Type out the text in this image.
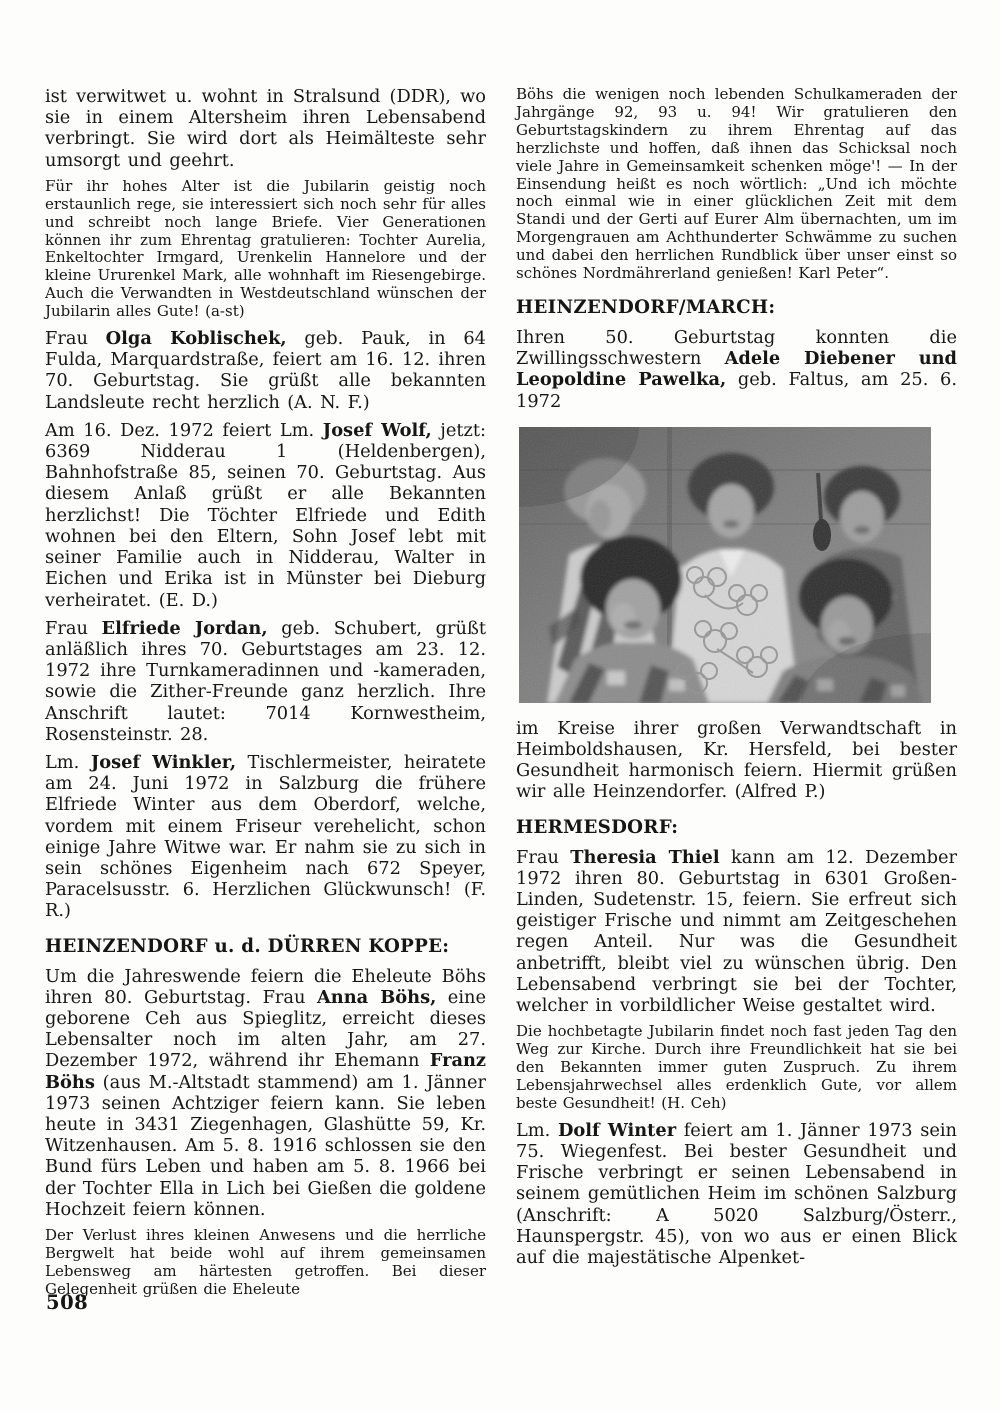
ist verwitwet u. wohnt in Stralsund (DDR), wo sie in einem Altersheim ihren Lebensabend verbringt. Sie wird dort als Heimälteste sehr umsorgt und geehrt.

Für ihr hohes Alter ist die Jubilarin geistig noch erstaunlich rege, sie interessiert sich noch sehr für alles und schreibt noch lange Briefe. Vier Generationen können ihr zum Ehrentag gratulieren: Tochter Aurelia, Enkeltochter Irmgard, Urenkelin Hannelore und der kleine Ururenkel Mark, alle wohnhaft im Riesengebirge. Auch die Verwandten in Westdeutschland wünschen der Jubilarin alles Gute! (a-st)

Frau Olga Koblischek, geb. Pauk, in 64 Fulda, Marquardstraße, feiert am 16. 12. ihren 70. Geburtstag. Sie grüßt alle bekannten Landsleute recht herzlich (A. N. F.)

Am 16. Dez. 1972 feiert Lm. Josef Wolf, jetzt: 6369 Nidderau 1 (Heldenbergen), Bahnhofstraße 85, seinen 70. Geburtstag. Aus diesem Anlaß grüßt er alle Bekannten herzlichst! Die Töchter Elfriede und Edith wohnen bei den Eltern, Sohn Josef lebt mit seiner Familie auch in Nidderau, Walter in Eichen und Erika ist in Münster bei Dieburg verheiratet. (E. D.)

Frau Elfriede Jordan, geb. Schubert, grüßt anläßlich ihres 70. Geburtstages am 23. 12. 1972 ihre Turnkameradinnen und -kameraden, sowie die Zither-Freunde ganz herzlich. Ihre Anschrift lautet: 7014 Kornwestheim, Rosensteinstr. 28.

Lm. Josef Winkler, Tischlermeister, heiratete am 24. Juni 1972 in Salzburg die frühere Elfriede Winter aus dem Oberdorf, welche, vordem mit einem Friseur verehelicht, schon einige Jahre Witwe war. Er nahm sie zu sich in sein schönes Eigenheim nach 672 Speyer, Paracelsusstr. 6. Herzlichen Glückwunsch! (F. R.)

HEINZENDORF u. d. DÜRREN KOPPE:

Um die Jahreswende feiern die Eheleute Böhs ihren 80. Geburtstag. Frau Anna Böhs, eine geborene Ceh aus Spieglitz, erreicht dieses Lebensalter noch im alten Jahr, am 27. Dezember 1972, während ihr Ehemann Franz Böhs (aus M.-Altstadt stammend) am 1. Jänner 1973 seinen Achtziger feiern kann. Sie leben heute in 3431 Ziegenhagen, Glashütte 59, Kr. Witzenhausen. Am 5. 8. 1916 schlossen sie den Bund fürs Leben und haben am 5. 8. 1966 bei der Tochter Ella in Lich bei Gießen die goldene Hochzeit feiern können.

Der Verlust ihres kleinen Anwesens und die herrliche Bergwelt hat beide wohl auf ihrem gemeinsamen Lebensweg am härtesten getroffen. Bei dieser Gelegenheit grüßen die Eheleute

Böhs die wenigen noch lebenden Schulkameraden der Jahrgänge 92, 93 u. 94! Wir gratulieren den Geburtstagskindern zu ihrem Ehrentag auf das herzlichste und hoffen, daß ihnen das Schicksal noch viele Jahre in Gemeinsamkeit schenken möge'! — In der Einsendung heißt es noch wörtlich: „Und ich möchte noch einmal wie in einer glücklichen Zeit mit dem Standi und der Gerti auf Eurer Alm übernachten, um im Morgengrauen am Achthunderter Schwämme zu suchen und dabei den herrlichen Rundblick über unser einst so schönes Nordmährerland genießen! Karl Peter“.

HEINZENDORF/MARCH:

Ihren 50. Geburtstag konnten die Zwillingsschwestern Adele Diebener und Leopoldine Pawelka, geb. Faltus, am 25. 6. 1972

im Kreise ihrer großen Verwandtschaft in Heimboldshausen, Kr. Hersfeld, bei bester Gesundheit harmonisch feiern. Hiermit grüßen wir alle Heinzendorfer. (Alfred P.)

HERMESDORF:

Frau Theresia Thiel kann am 12. Dezember 1972 ihren 80. Geburtstag in 6301 Großen-Linden, Sudetenstr. 15, feiern. Sie erfreut sich geistiger Frische und nimmt am Zeitgeschehen regen Anteil. Nur was die Gesundheit anbetrifft, bleibt viel zu wünschen übrig. Den Lebensabend verbringt sie bei der Tochter, welcher in vorbildlicher Weise gestaltet wird.

Die hochbetagte Jubilarin findet noch fast jeden Tag den Weg zur Kirche. Durch ihre Freundlichkeit hat sie bei den Bekannten immer guten Zuspruch. Zu ihrem Lebensjahrwechsel alles erdenklich Gute, vor allem beste Gesundheit! (H. Ceh)

Lm. Dolf Winter feiert am 1. Jänner 1973 sein 75. Wiegenfest. Bei bester Gesundheit und Frische verbringt er seinen Lebensabend in seinem gemütlichen Heim im schönen Salzburg (Anschrift: A 5020 Salzburg/Österr., Haunspergstr. 45), von wo aus er einen Blick auf die majestätische Alpenket-

508
